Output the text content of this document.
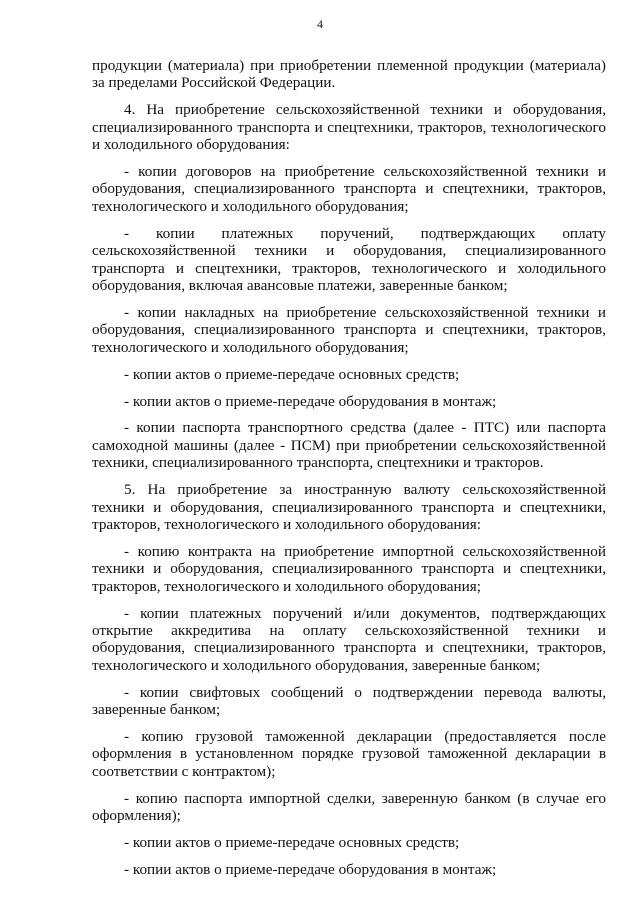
4

продукции (материала) при приобретении племенной продукции (материала) за пределами Российской Федерации.

4. На приобретение сельскохозяйственной техники и оборудования, специализированного транспорта и спецтехники, тракторов, технологического и холодильного оборудования:

- копии договоров на приобретение сельскохозяйственной техники и оборудования, специализированного транспорта и спецтехники, тракторов, технологического и холодильного оборудования;

- копии платежных поручений, подтверждающих оплату сельскохозяйственной техники и оборудования, специализированного транспорта и спецтехники, тракторов, технологического и холодильного оборудования, включая авансовые платежи, заверенные банком;

- копии накладных на приобретение сельскохозяйственной техники и оборудования, специализированного транспорта и спецтехники, тракторов, технологического и холодильного оборудования;

- копии актов о приеме-передаче основных средств;

- копии актов о приеме-передаче оборудования в монтаж;

- копии паспорта транспортного средства (далее - ПТС) или паспорта самоходной машины (далее - ПСМ) при приобретении сельскохозяйственной техники, специализированного транспорта, спецтехники и тракторов.

5. На приобретение за иностранную валюту сельскохозяйственной техники и оборудования, специализированного транспорта и спецтехники, тракторов, технологического и холодильного оборудования:

- копию контракта на приобретение импортной сельскохозяйственной техники и оборудования, специализированного транспорта и спецтехники, тракторов, технологического и холодильного оборудования;

- копии платежных поручений и/или документов, подтверждающих открытие аккредитива на оплату сельскохозяйственной техники и оборудования, специализированного транспорта и спецтехники, тракторов, технологического и холодильного оборудования, заверенные банком;

- копии свифтовых сообщений о подтверждении перевода валюты, заверенные банком;

- копию грузовой таможенной декларации (предоставляется после оформления в установленном порядке грузовой таможенной декларации в соответствии с контрактом);

- копию паспорта импортной сделки, заверенную банком (в случае его оформления);

- копии актов о приеме-передаче основных средств;

- копии актов о приеме-передаче оборудования в монтаж;
